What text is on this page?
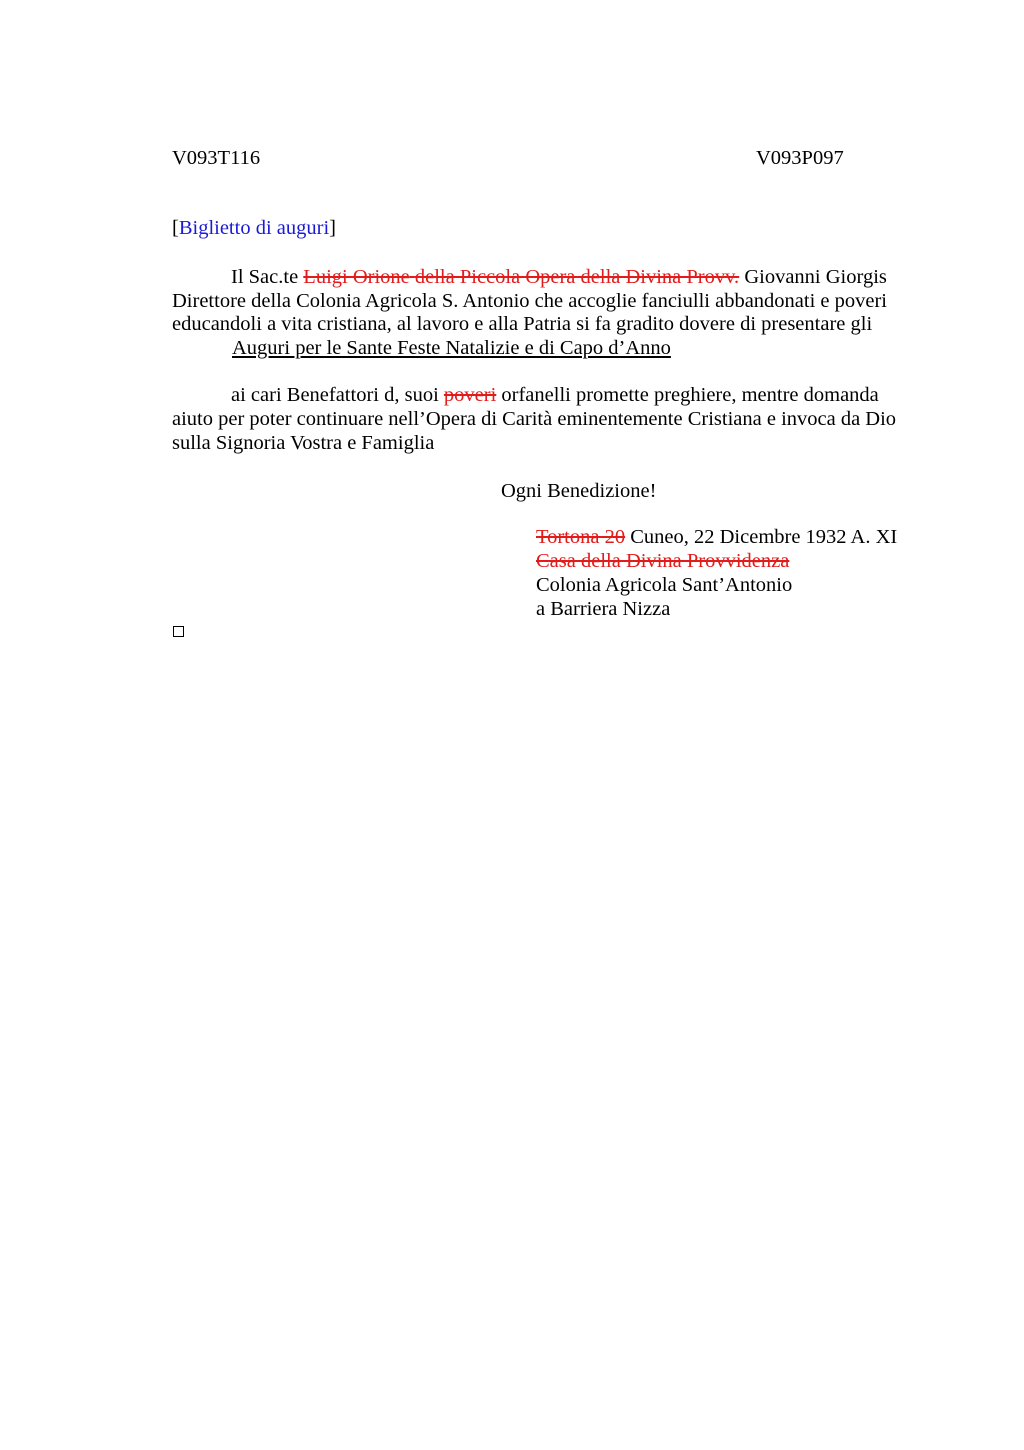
V093T116	V093P097
[Biglietto di auguri]
Il Sac.te Luigi Orione della Piccola Opera della Divina Provv. Giovanni Giorgis
Direttore della Colonia Agricola S. Antonio che accoglie fanciulli abbandonati e poveri
educandoli a vita cristiana, al lavoro e alla Patria si fa gradito dovere di presentare gli
Auguri per le Sante Feste Natalizie e di Capo d’Anno
ai cari Benefattori d, suoi poveri orfanelli promette preghiere, mentre domanda
aiuto per poter continuare nell’Opera di Carità eminentemente Cristiana e invoca da Dio
sulla Signoria Vostra e Famiglia
Ogni Benedizione!
Tortona 20 Cuneo, 22 Dicembre 1932 A. XI
Casa della Divina Provvidenza
Colonia Agricola Sant’Antonio
a Barriera Nizza
